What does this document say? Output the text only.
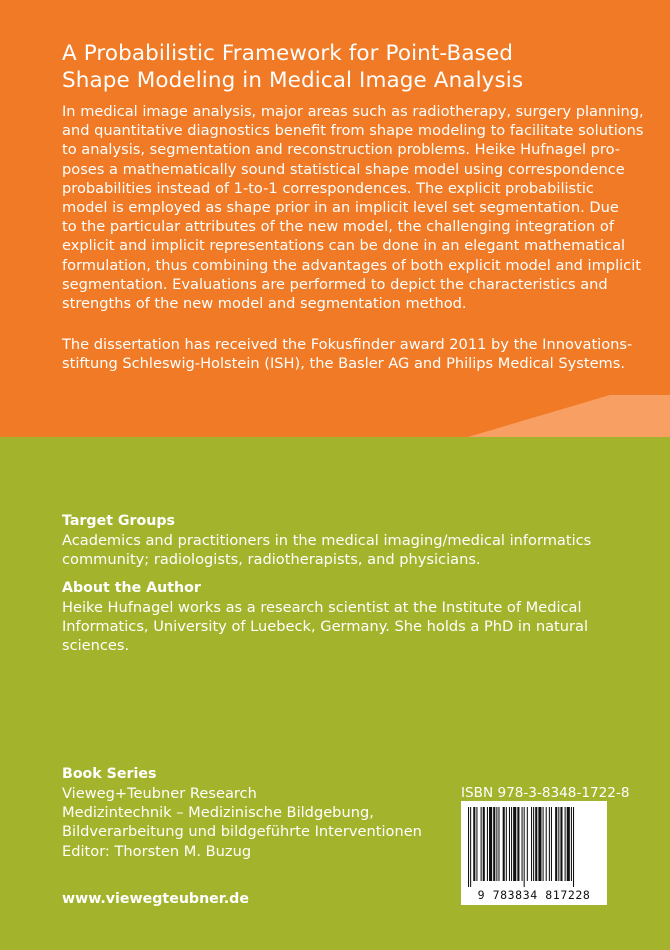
A Probabilistic Framework for Point-Based
Shape Modeling in Medical Image Analysis

In medical image analysis, major areas such as radiotherapy, surgery planning,
and quantitative diagnostics benefit from shape modeling to facilitate solutions
to analysis, segmentation and reconstruction problems. Heike Hufnagel pro-
poses a mathematically sound statistical shape model using correspondence
probabilities instead of 1-to-1 correspondences. The explicit probabilistic
model is employed as shape prior in an implicit level set segmentation. Due
to the particular attributes of the new model, the challenging integration of
explicit and implicit representations can be done in an elegant mathematical
formulation, thus combining the advantages of both explicit model and implicit
segmentation. Evaluations are performed to depict the characteristics and
strengths of the new model and segmentation method.

The dissertation has received the Fokusfinder award 2011 by the Innovations-
stiftung Schleswig-Holstein (ISH), the Basler AG and Philips Medical Systems.

Target Groups

Academics and practitioners in the medical imaging/medical informatics
community; radiologists, radiotherapists, and physicians.

About the Author

Heike Hufnagel works as a research scientist at the Institute of Medical
Informatics, University of Luebeck, Germany. She holds a PhD in natural
sciences.

Book Series

Vieweg+Teubner Research
Medizintechnik – Medizinische Bildgebung,
Bildverarbeitung und bildgeführte Interventionen
Editor: Thorsten M. Buzug

www.viewegteubner.de

ISBN 978-3-8348-1722-8

9 783834 817228
